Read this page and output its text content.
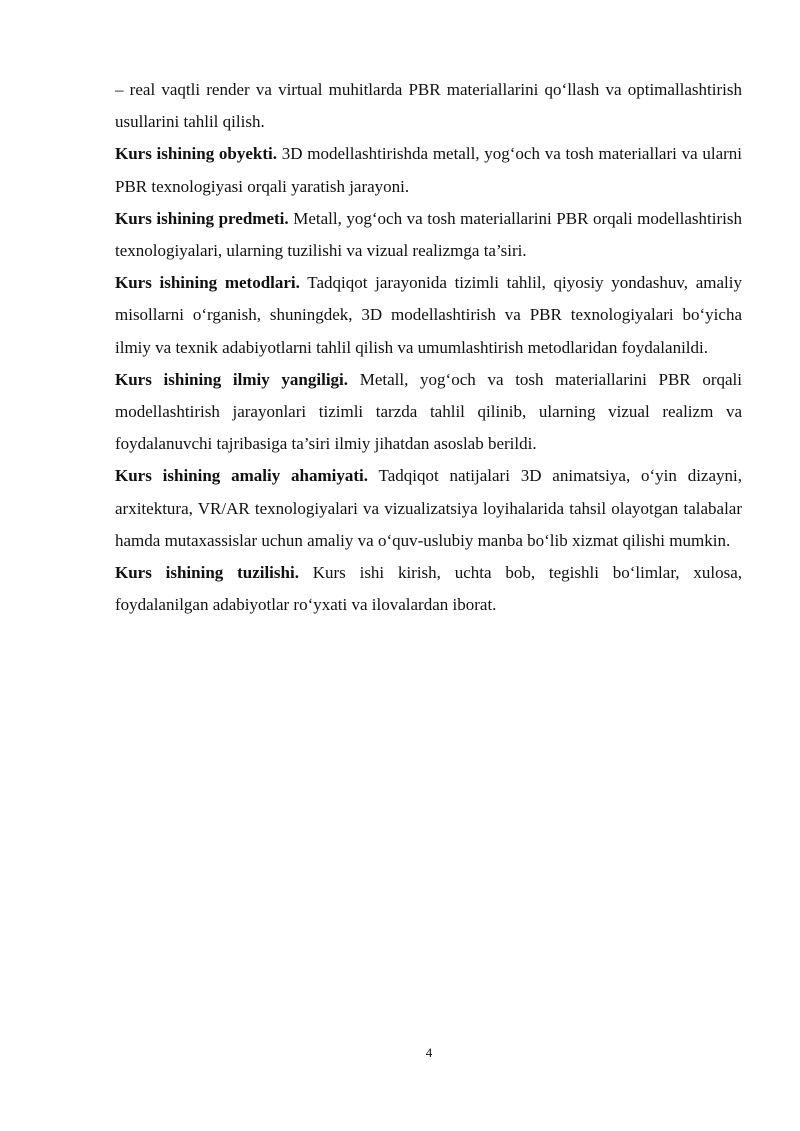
– real vaqtli render va virtual muhitlarda PBR materiallarini qo‘llash va optimallashtirish usullarini tahlil qilish.

Kurs ishining obyekti. 3D modellashtirishda metall, yog‘och va tosh materiallari va ularni PBR texnologiyasi orqali yaratish jarayoni.

Kurs ishining predmeti. Metall, yog‘och va tosh materiallarini PBR orqali modellashtirish texnologiyalari, ularning tuzilishi va vizual realizmga ta’siri.

Kurs ishining metodlari. Tadqiqot jarayonida tizimli tahlil, qiyosiy yondashuv, amaliy misollarni o‘rganish, shuningdek, 3D modellashtirish va PBR texnologiyalari bo‘yicha ilmiy va texnik adabiyotlarni tahlil qilish va umumlashtirish metodlaridan foydalanildi.

Kurs ishining ilmiy yangiligi. Metall, yog‘och va tosh materiallarini PBR orqali modellashtirish jarayonlari tizimli tarzda tahlil qilinib, ularning vizual realizm va foydalanuvchi tajribasiga ta’siri ilmiy jihatdan asoslab berildi.

Kurs ishining amaliy ahamiyati. Tadqiqot natijalari 3D animatsiya, o‘yin dizayni, arxitektura, VR/AR texnologiyalari va vizualizatsiya loyihalarida tahsil olayotgan talabalar hamda mutaxassislar uchun amaliy va o‘quv-uslubiy manba bo‘lib xizmat qilishi mumkin.

Kurs ishining tuzilishi. Kurs ishi kirish, uchta bob, tegishli bo‘limlar, xulosa, foydalanilgan adabiyotlar ro‘yxati va ilovalardan iborat.

4
